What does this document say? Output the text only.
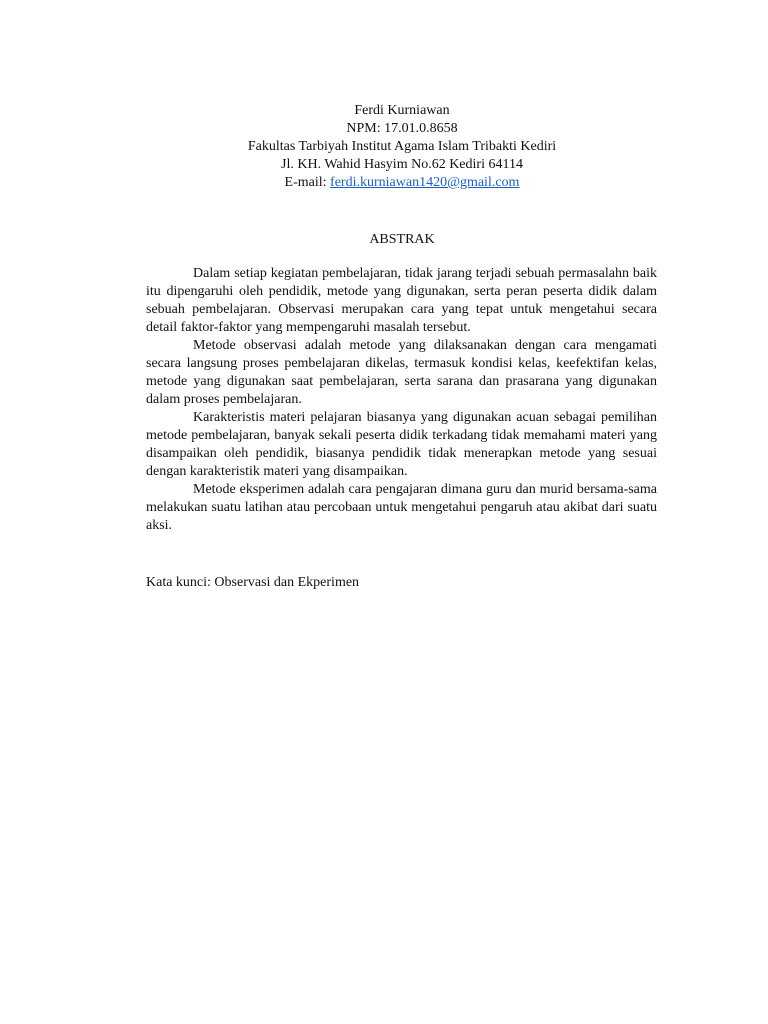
Ferdi Kurniawan
NPM: 17.01.0.8658
Fakultas Tarbiyah Institut Agama Islam Tribakti Kediri
Jl. KH. Wahid Hasyim No.62 Kediri 64114
E-mail: ferdi.kurniawan1420@gmail.com
ABSTRAK

Dalam setiap kegiatan pembelajaran, tidak jarang terjadi sebuah permasalahn baik itu dipengaruhi oleh pendidik, metode yang digunakan, serta peran peserta didik dalam sebuah pembelajaran. Observasi merupakan cara yang tepat untuk mengetahui secara detail faktor-faktor yang mempengaruhi masalah tersebut.

Metode observasi adalah metode yang dilaksanakan dengan cara mengamati secara langsung proses pembelajaran dikelas, termasuk kondisi kelas, keefektifan kelas, metode yang digunakan saat pembelajaran, serta sarana dan prasarana yang digunakan dalam proses pembelajaran.

Karakteristis materi pelajaran biasanya yang digunakan acuan sebagai pemilihan metode pembelajaran, banyak sekali peserta didik terkadang tidak memahami materi yang disampaikan oleh pendidik, biasanya pendidik tidak menerapkan metode yang sesuai dengan karakteristik materi yang disampaikan.

Metode eksperimen adalah cara pengajaran dimana guru dan murid bersama-sama melakukan suatu latihan atau percobaan untuk mengetahui pengaruh atau akibat dari suatu aksi.

Kata kunci: Observasi dan Ekperimen
